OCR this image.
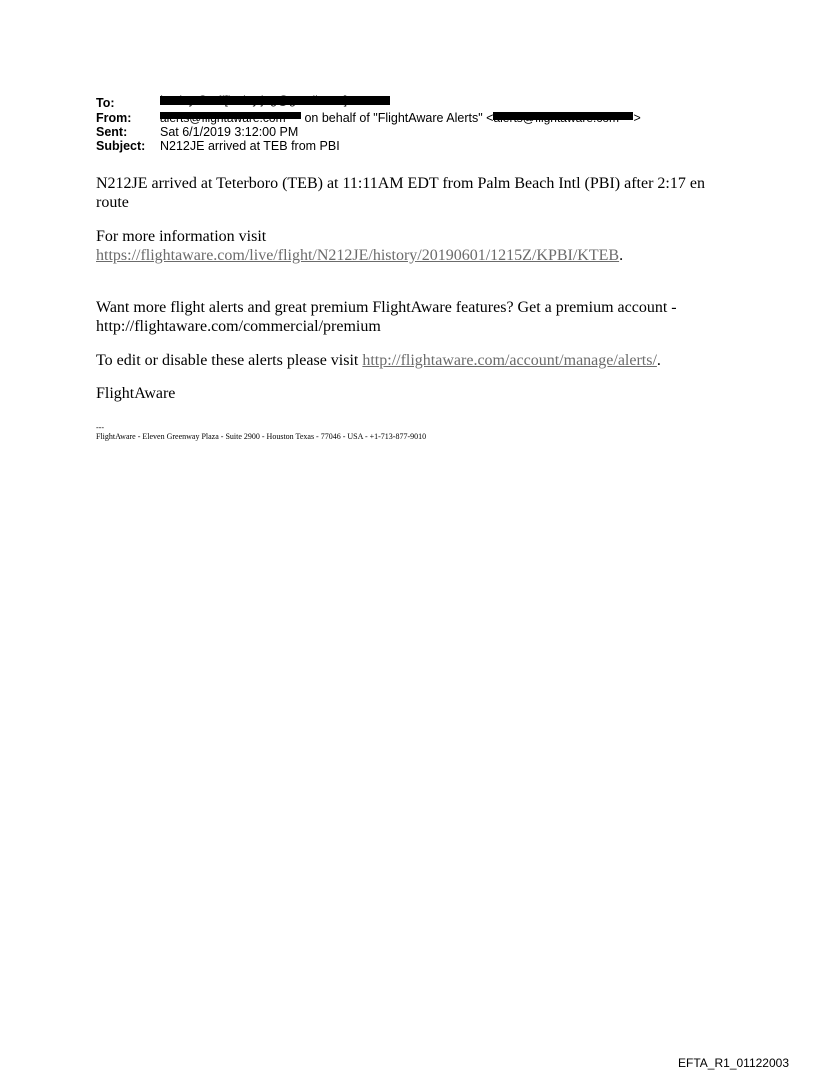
To:
From:	on behalf of "FlightAware Alerts" <	>
Sent:	Sat 6/1/2019 3:12:00 PM
Subject:	N212JE arrived at TEB from PBI
N212JE arrived at Teterboro (TEB) at 11:11AM EDT from Palm Beach Intl (PBI) after 2:17 en route
For more information visit
https://flightaware.com/live/flight/N212JE/history/20190601/1215Z/KPBI/KTEB.
Want more flight alerts and great premium FlightAware features? Get a premium account - http://flightaware.com/commercial/premium
To edit or disable these alerts please visit http://flightaware.com/account/manage/alerts/.
FlightAware
---
FlightAware - Eleven Greenway Plaza - Suite 2900 - Houston Texas - 77046 - USA - +1-713-877-9010
EFTA_R1_01122003
